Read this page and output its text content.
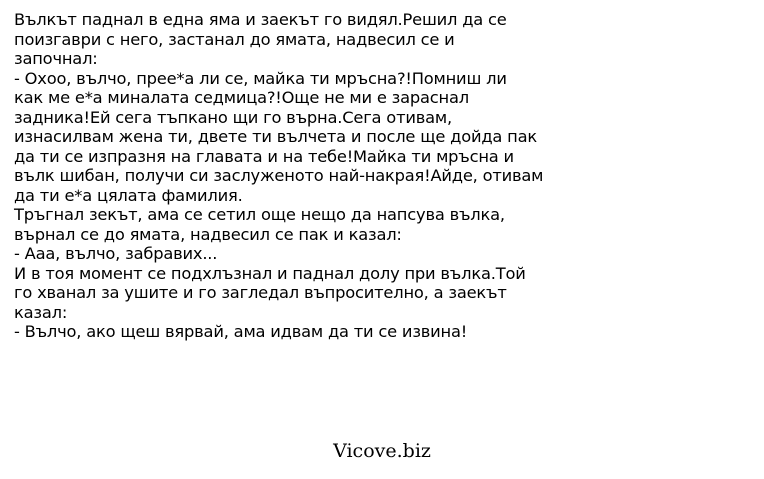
Вълкът паднал в една яма и заекът го видял.Решил да се
поизгаври с него, застанал до ямата, надвесил се и
започнал:
- Охоо, вълчо, прее*а ли се, майка ти мръсна?!Помниш ли
как ме е*а миналата седмица?!Още не ми е зараснал
задника!Ей сега тъпкано щи го върна.Сега отивам,
изнасилвам жена ти, двете ти вълчета и после ще дойда пак
да ти се изпразня на главата и на тебе!Майка ти мръсна и
вълк шибан, получи си заслуженото най-накрая!Айде, отивам
да ти е*а цялата фамилия.
Тръгнал зекът, ама се сетил още нещо да напсува вълка,
върнал се до ямата, надвесил се пак и казал:
- Ааа, вълчо, забравих...
И в тоя момент се подхлъзнал и паднал долу при вълка.Той
го хванал за ушите и го загледал въпросително, а заекът
казал:
- Вълчо, ако щеш вярвай, ама идвам да ти се извина!
Vicove.biz
